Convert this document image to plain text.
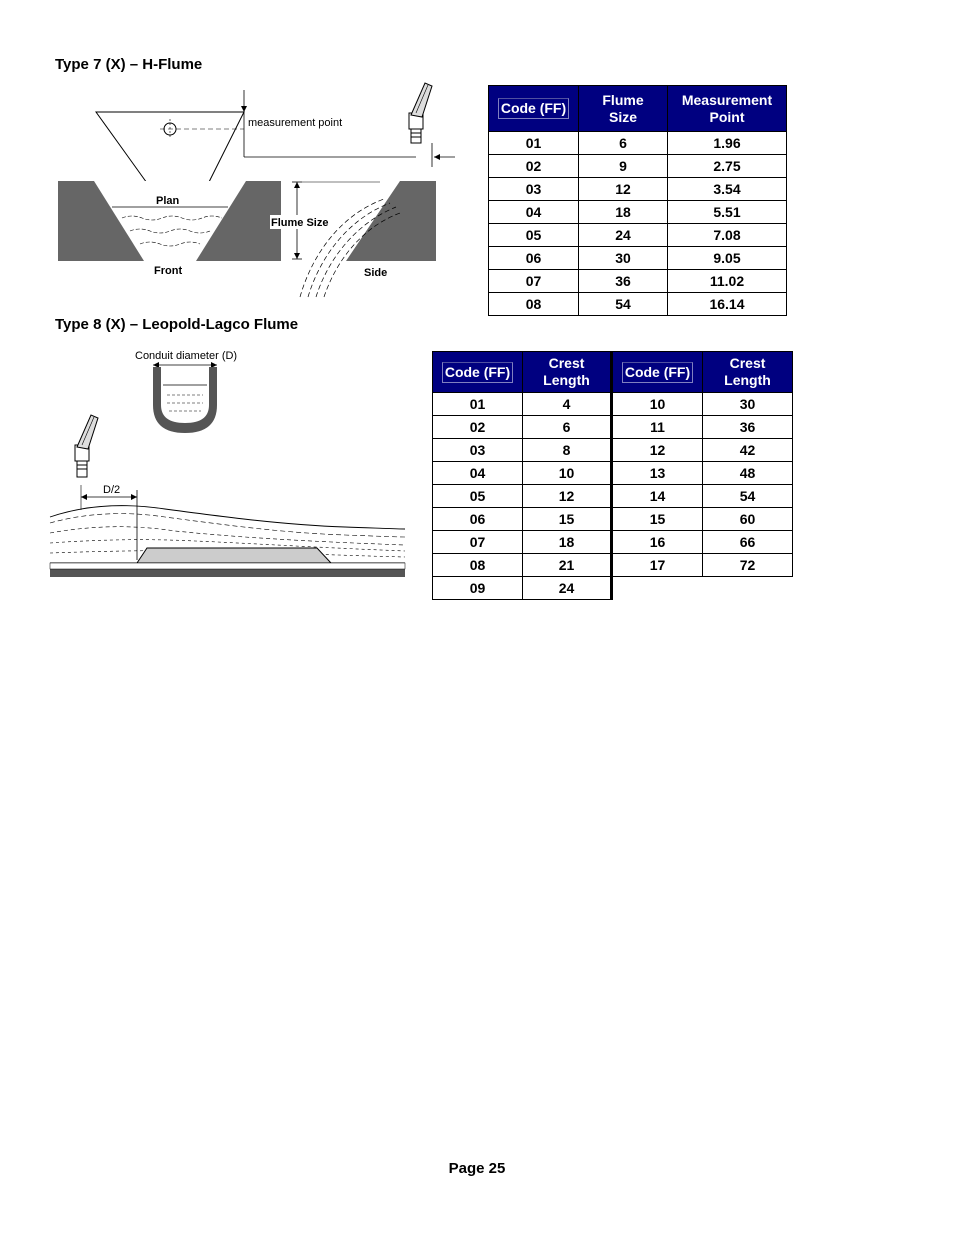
Type 7 (X) – H-Flume
Type 8 (X) – Leopold-Lagco Flume
measurement point
Plan
Front
Flume Size
Side
Code (FF)	Flume Size	Measurement Point
01	6	1.96
02	9	2.75
03	12	3.54
04	18	5.51
05	24	7.08
06	30	9.05
07	36	11.02
08	54	16.14
Conduit diameter (D)
D/2
Code (FF)	Crest Length	Code (FF)	Crest Length
01	4	10	30
02	6	11	36
03	8	12	42
04	10	13	48
05	12	14	54
06	15	15	60
07	18	16	66
08	21	17	72
09	24		
Page 25
